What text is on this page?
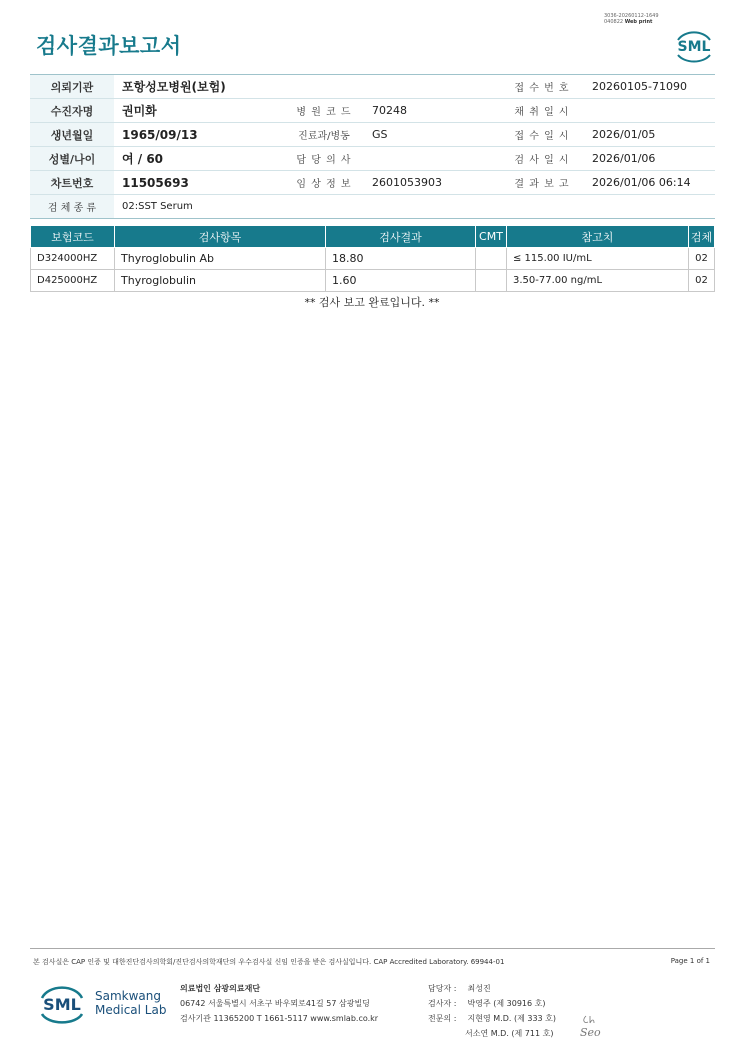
검사결과보고서
3036-20260112-1649
040822 Web print
SML
의뢰기관	포항성모병원(보험)			접 수 번 호	20260105-71090
수진자명	권미화	병 원 코 드	70248	채 취 일 시	
생년월일	1965/09/13	진료과/병동	GS	접 수 일 시	2026/01/05
성별/나이	여 / 60	담 당 의 사		검 사 일 시	2026/01/06
차트번호	11505693	임 상 정 보	2601053903	결 과 보 고	2026/01/06 06:14
검 체 종 류	02:SST Serum				
보험코드	검사항목	검사결과	CMT	참고치	검체
D324000HZ	Thyroglobulin Ab	18.80		≤ 115.00 IU/mL	02
D425000HZ	Thyroglobulin	1.60		3.50-77.00 ng/mL	02
** 검사 보고 완료입니다. **
본 검사실은 CAP 인증 및 대한진단검사의학회/진단검사의학재단의 우수검사실 신임 인증을 받은 검사실입니다. CAP Accredited Laboratory. 69944-01	Page 1 of 1
SML Samkwang
Medical Lab
의료법인 삼광의료재단
06742 서울특별시 서초구 바우뫼로41길 57 삼광빌딩
검사기관 11365200 T 1661-5117 www.smlab.co.kr
담당자 : 최성진
검사자 : 박영주 (제 30916 호)
전문의 : 지현영 M.D. (제 333 호)
서소연 M.D. (제 711 호) Seo
